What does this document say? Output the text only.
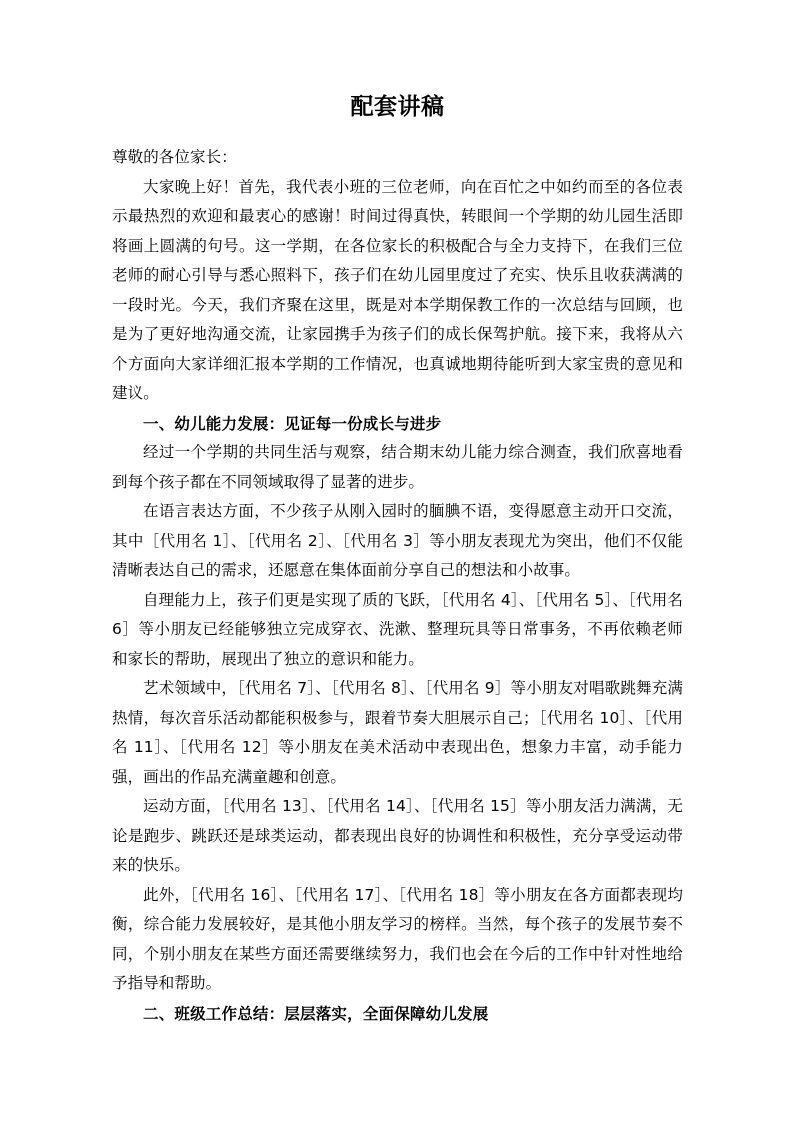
配套讲稿

尊敬的各位家长：

大家晚上好！首先，我代表小班的三位老师，向在百忙之中如约而至的各位表示最热烈的欢迎和最衷心的感谢！时间过得真快，转眼间一个学期的幼儿园生活即将画上圆满的句号。这一学期，在各位家长的积极配合与全力支持下，在我们三位老师的耐心引导与悉心照料下，孩子们在幼儿园里度过了充实、快乐且收获满满的一段时光。今天，我们齐聚在这里，既是对本学期保教工作的一次总结与回顾，也是为了更好地沟通交流，让家园携手为孩子们的成长保驾护航。接下来，我将从六个方面向大家详细汇报本学期的工作情况，也真诚地期待能听到大家宝贵的意见和建议。

一、幼儿能力发展：见证每一份成长与进步

经过一个学期的共同生活与观察，结合期末幼儿能力综合测查，我们欣喜地看到每个孩子都在不同领域取得了显著的进步。

在语言表达方面，不少孩子从刚入园时的腼腆不语，变得愿意主动开口交流，其中［代用名 1］、［代用名 2］、［代用名 3］等小朋友表现尤为突出，他们不仅能清晰表达自己的需求，还愿意在集体面前分享自己的想法和小故事。

自理能力上，孩子们更是实现了质的飞跃，［代用名 4］、［代用名 5］、［代用名 6］等小朋友已经能够独立完成穿衣、洗漱、整理玩具等日常事务，不再依赖老师和家长的帮助，展现出了独立的意识和能力。

艺术领域中，［代用名 7］、［代用名 8］、［代用名 9］等小朋友对唱歌跳舞充满热情，每次音乐活动都能积极参与，跟着节奏大胆展示自己；［代用名 10］、［代用名 11］、［代用名 12］等小朋友在美术活动中表现出色，想象力丰富，动手能力强，画出的作品充满童趣和创意。

运动方面，［代用名 13］、［代用名 14］、［代用名 15］等小朋友活力满满，无论是跑步、跳跃还是球类运动，都表现出良好的协调性和积极性，充分享受运动带来的快乐。

此外，［代用名 16］、［代用名 17］、［代用名 18］等小朋友在各方面都表现均衡，综合能力发展较好，是其他小朋友学习的榜样。当然，每个孩子的发展节奏不同，个别小朋友在某些方面还需要继续努力，我们也会在今后的工作中针对性地给予指导和帮助。

二、班级工作总结：层层落实，全面保障幼儿发展
